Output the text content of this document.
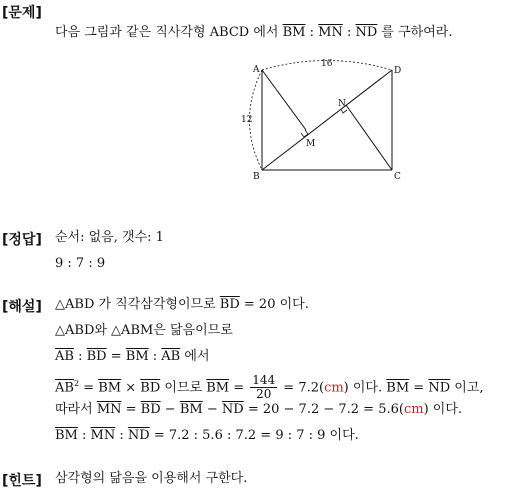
[문제]
다음 그림과 같은 직사각형 ABCD 에서 $\overline{BM}$ : $\overline{MN}$ : $\overline{ND}$ 를 구하여라.
A
B	C
D
M
N
16
12
[정답] 순서: 없음, 갯수: 1
9 : 7 : 9
[해설] △ABD 가 직각삼각형이므로 $\overline{BD} = 20$ 이다.
△ABD와 △ABM은 닮음이므로
$\overline{AB}$ : $\overline{BD} = \overline{BM}$ : $\overline{AB}$ 에서
$\overline{AB}^2 = \overline{BM} \times \overline{BD}$ 이므로 $\overline{BM} = \frac{144}{20} = 7.2(cm)$ 이다. $\overline{BM} = \overline{ND}$ 이고,
따라서 $\overline{MN} = \overline{BD} - \overline{BM} - \overline{ND} = 20 - 7.2 - 7.2 = 5.6(cm)$ 이다.
$\overline{BM}$ : $\overline{MN}$ : $\overline{ND} = 7.2$ : 5.6 : 7.2 = 9 : 7 : 9 이다.
[힌트] 삼각형의 닮음을 이용해서 구한다.
